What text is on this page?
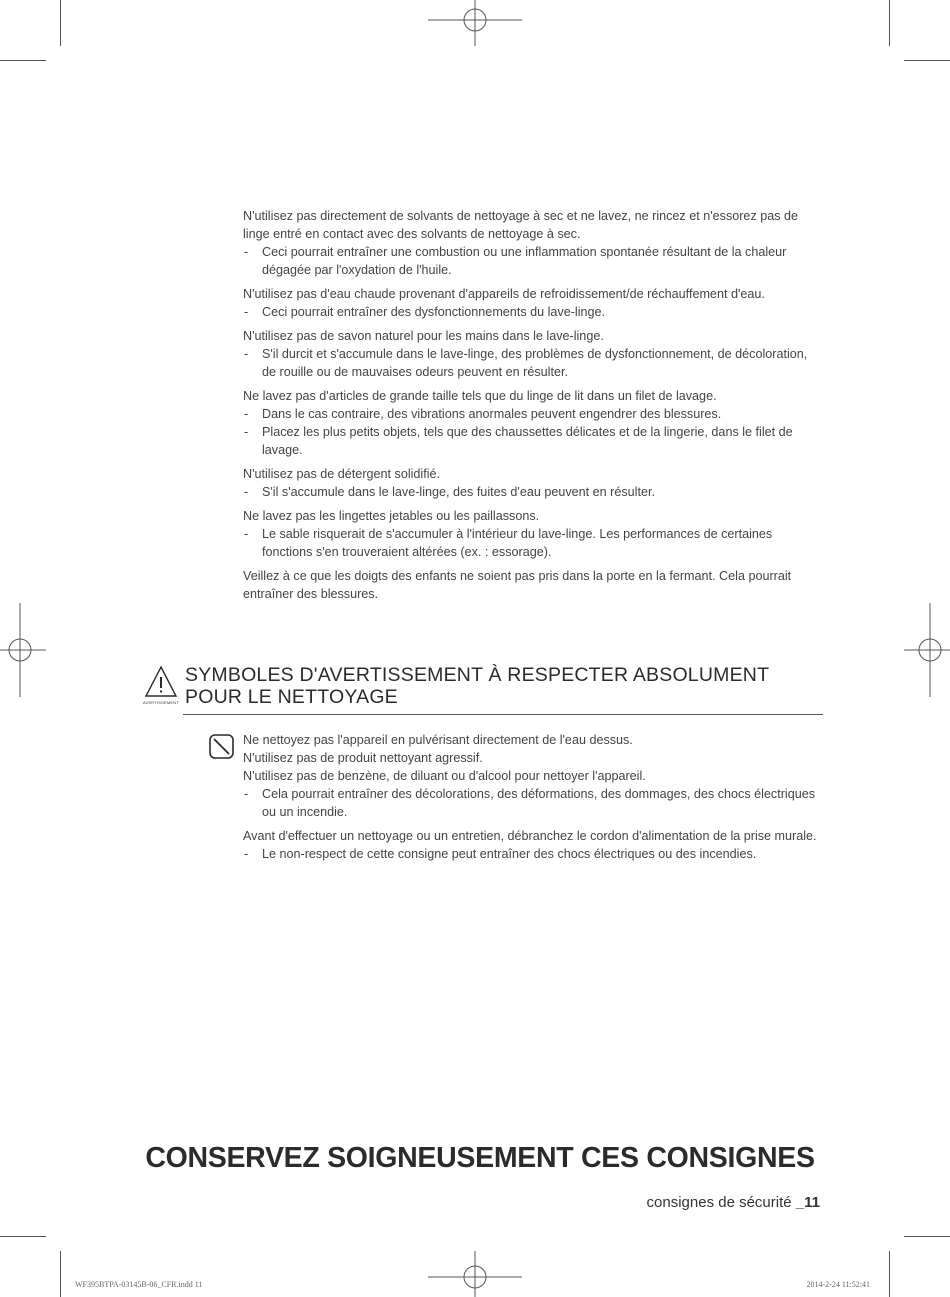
N'utilisez pas directement de solvants de nettoyage à sec et ne lavez, ne rincez et n'essorez pas de linge entré en contact avec des solvants de nettoyage à sec.

- Ceci pourrait entraîner une combustion ou une inflammation spontanée résultant de la chaleur dégagée par l'oxydation de l'huile.

N'utilisez pas d'eau chaude provenant d'appareils de refroidissement/de réchauffement d'eau.

- Ceci pourrait entraîner des dysfonctionnements du lave-linge.

N'utilisez pas de savon naturel pour les mains dans le lave-linge.

- S'il durcit et s'accumule dans le lave-linge, des problèmes de dysfonctionnement, de décoloration, de rouille ou de mauvaises odeurs peuvent en résulter.

Ne lavez pas d'articles de grande taille tels que du linge de lit dans un filet de lavage.

- Dans le cas contraire, des vibrations anormales peuvent engendrer des blessures.

- Placez les plus petits objets, tels que des chaussettes délicates et de la lingerie, dans le filet de lavage.

N'utilisez pas de détergent solidifié.

- S'il s'accumule dans le lave-linge, des fuites d'eau peuvent en résulter.

Ne lavez pas les lingettes jetables ou les paillassons.

- Le sable risquerait de s'accumuler à l'intérieur du lave-linge. Les performances de certaines fonctions s'en trouveraient altérées (ex. : essorage).

Veillez à ce que les doigts des enfants ne soient pas pris dans la porte en la fermant. Cela pourrait entraîner des blessures.

AVERTISSEMENT
SYMBOLES D'AVERTISSEMENT À RESPECTER ABSOLUMENT
POUR LE NETTOYAGE

Ne nettoyez pas l'appareil en pulvérisant directement de l'eau dessus.

N'utilisez pas de produit nettoyant agressif.

N'utilisez pas de benzène, de diluant ou d'alcool pour nettoyer l'appareil.

- Cela pourrait entraîner des décolorations, des déformations, des dommages, des chocs électriques ou un incendie.

Avant d'effectuer un nettoyage ou un entretien, débranchez le cordon d'alimentation de la prise murale.

- Le non-respect de cette consigne peut entraîner des chocs électriques ou des incendies.

CONSERVEZ SOIGNEUSEMENT CES CONSIGNES
consignes de sécurité _11
WF395BTPA-03145B-06_CFR.indd 11	2014-2-24 11:52:41
